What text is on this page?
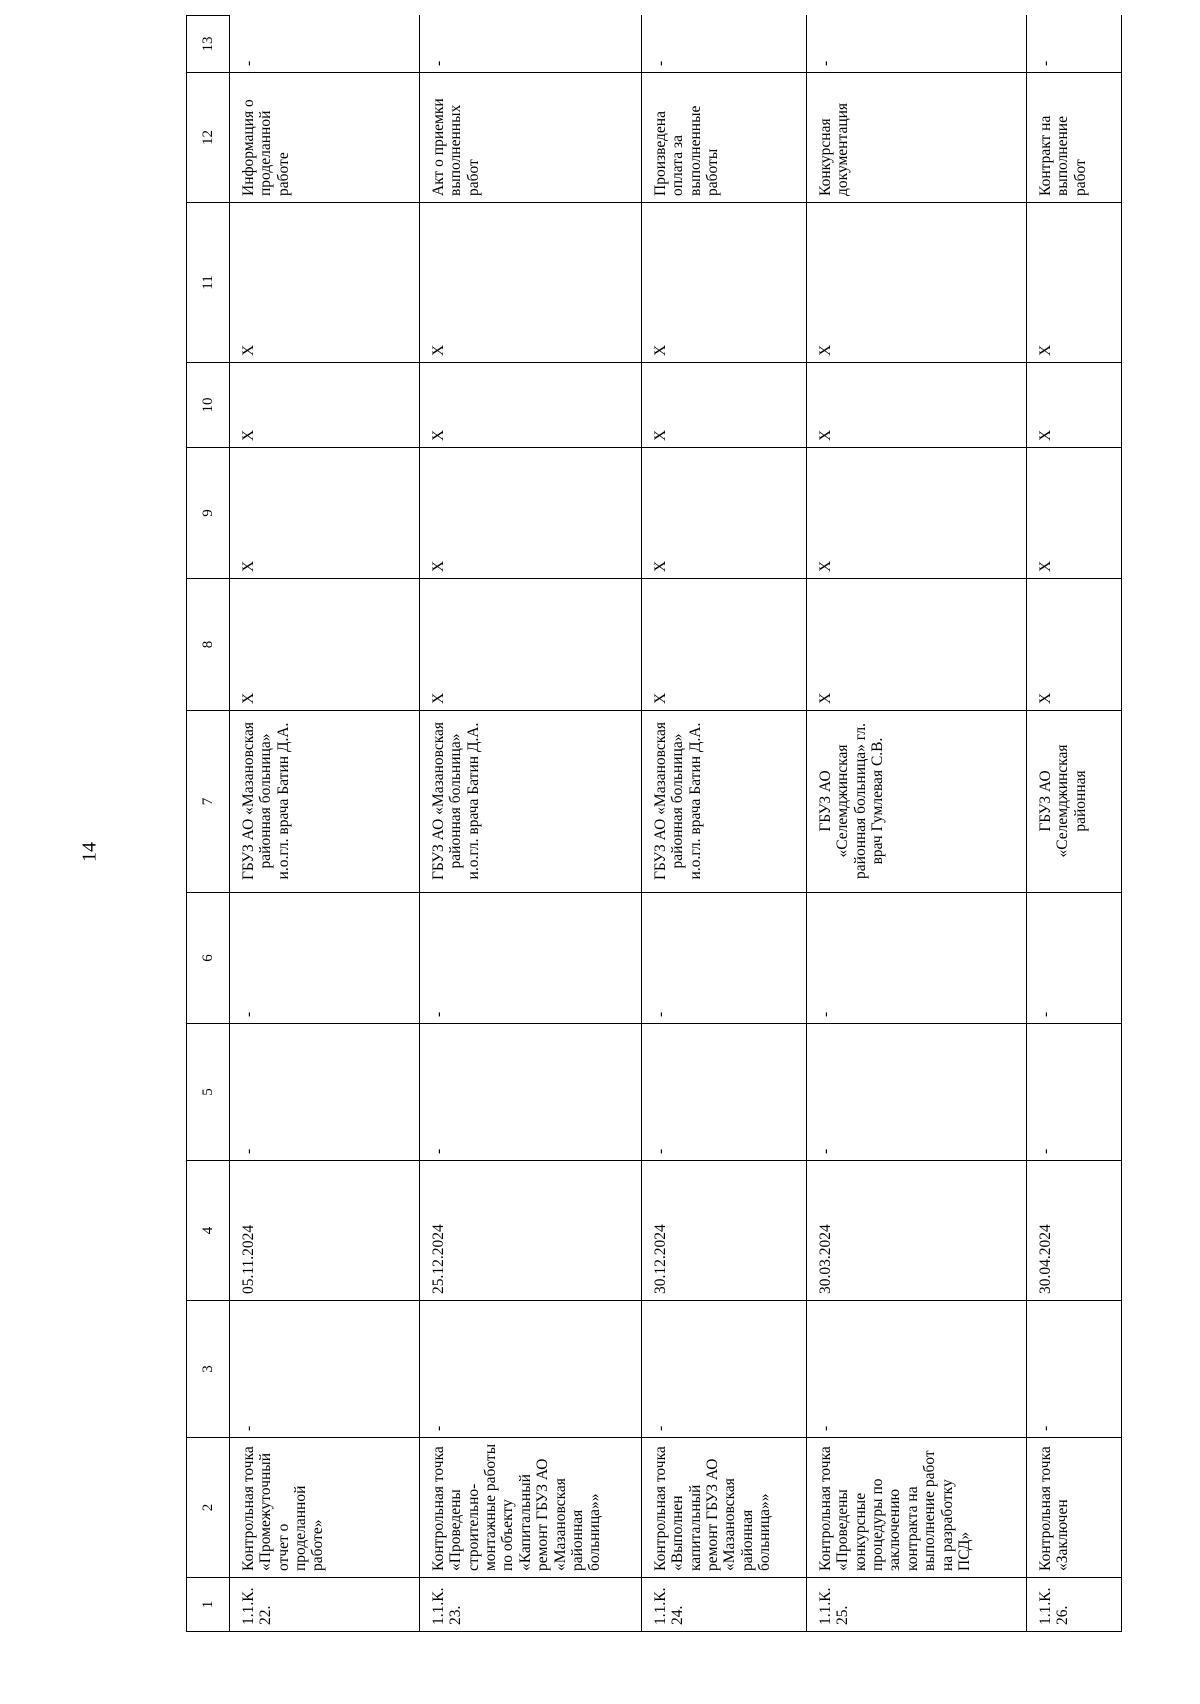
14
1	2	3	4	5	6	7	8	9	10	11	12	13
1.1.К. 22.	Контрольная точка «Промежуточный отчет о проделанной работе»	-	05.11.2024	-	-	ГБУЗ АО «Мазановская районная больница» и.о.гл. врача Батин Д.А.	Х	Х	Х	Х	Информация о проделанной работе	-
1.1.К. 23.	Контрольная точка «Проведены строительно-монтажные работы по объекту «Капитальный ремонт ГБУЗ АО «Мазановская районная больница»»	-	25.12.2024	-	-	ГБУЗ АО «Мазановская районная больница» и.о.гл. врача Батин Д.А.	Х	Х	Х	Х	Акт о приемки выполненных работ	-
1.1.К. 24.	Контрольная точка «Выполнен капитальный ремонт ГБУЗ АО «Мазановская районная больница»»	-	30.12.2024	-	-	ГБУЗ АО «Мазановская районная больница» и.о.гл. врача Батин Д.А.	Х	Х	Х	Х	Произведена оплата за выполненные работы	-
1.1.К. 25.	Контрольная точка «Проведены конкурсные процедуры по заключению контракта на выполнение работ на разработку ПСД»	-	30.03.2024	-	-	ГБУЗ АО «Селемджинская районная больница» гл. врач Гумлевая С.В.	Х	Х	Х	Х	Конкурсная документация	-
1.1.К. 26.	Контрольная точка «Заключен	-	30.04.2024	-	-	ГБУЗ АО «Селемджинская районная	Х	Х	Х	Х	Контракт на выполнение работ	-
